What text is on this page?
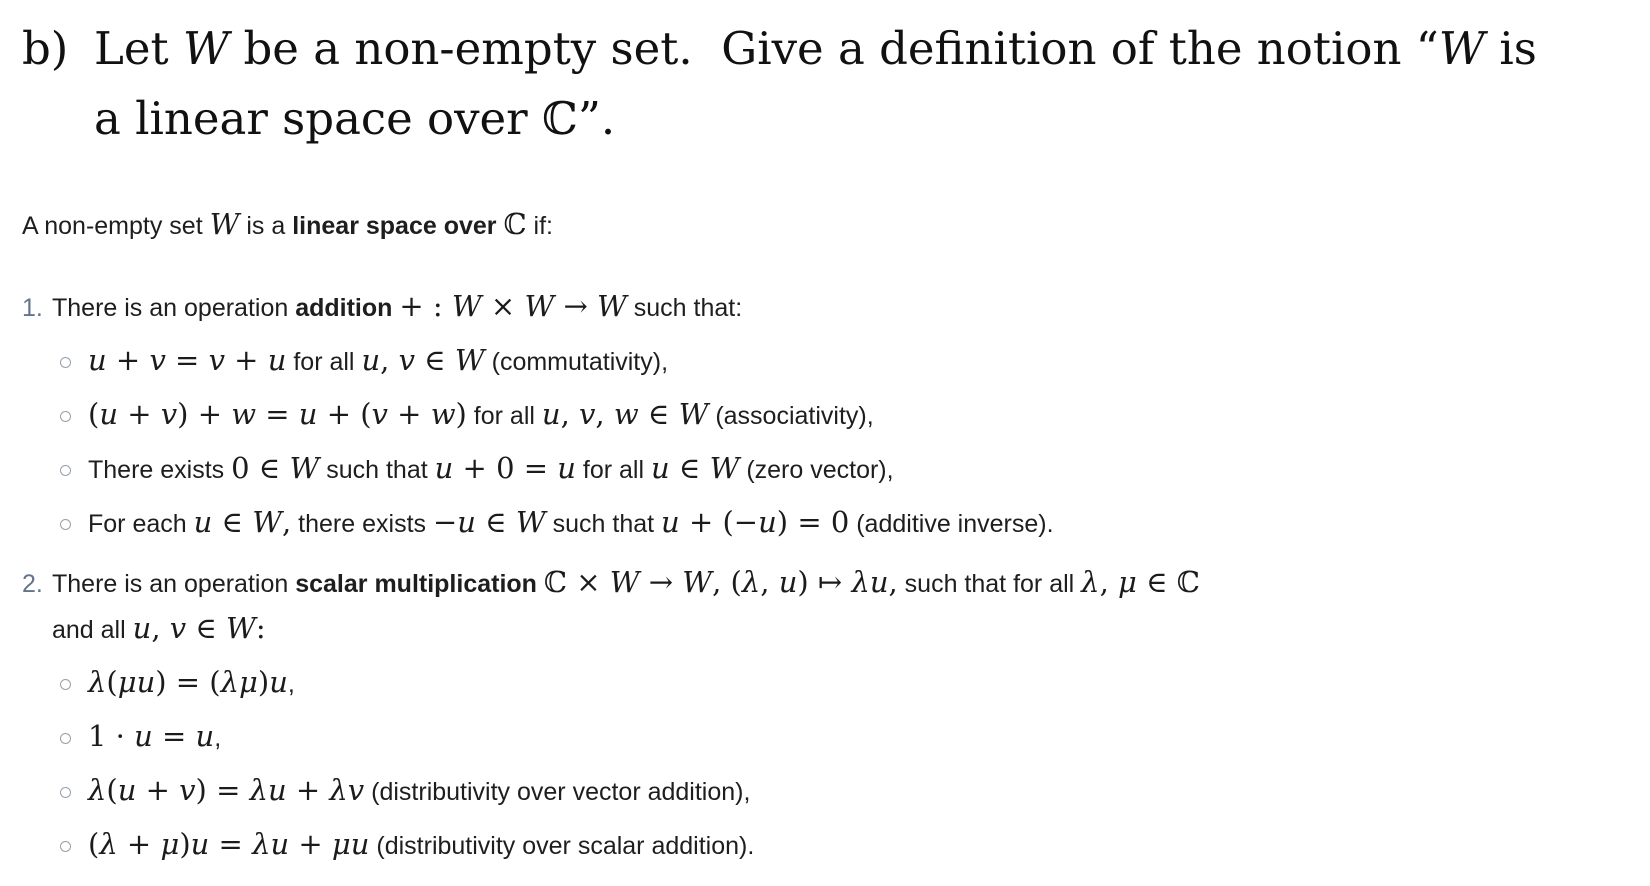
b) Let W be a non-empty set.  Give a definition of the notion “W is
a linear space over ℂ”.

A non-empty set W is a linear space over ℂ if:

1. There is an operation addition + : W × W → W such that:
u + v = v + u for all u, v ∈ W (commutativity),
(u + v) + w = u + (v + w) for all u, v, w ∈ W (associativity),
There exists 0 ∈ W such that u + 0 = u for all u ∈ W (zero vector),
For each u ∈ W, there exists −u ∈ W such that u + (−u) = 0 (additive inverse).
2. There is an operation scalar multiplication ℂ × W → W, (λ, u) ↦ λu, such that for all λ, μ ∈ ℂ
and all u, v ∈ W:
λ(μu) = (λμ)u,
1 · u = u,
λ(u + v) = λu + λv (distributivity over vector addition),
(λ + μ)u = λu + μu (distributivity over scalar addition).
